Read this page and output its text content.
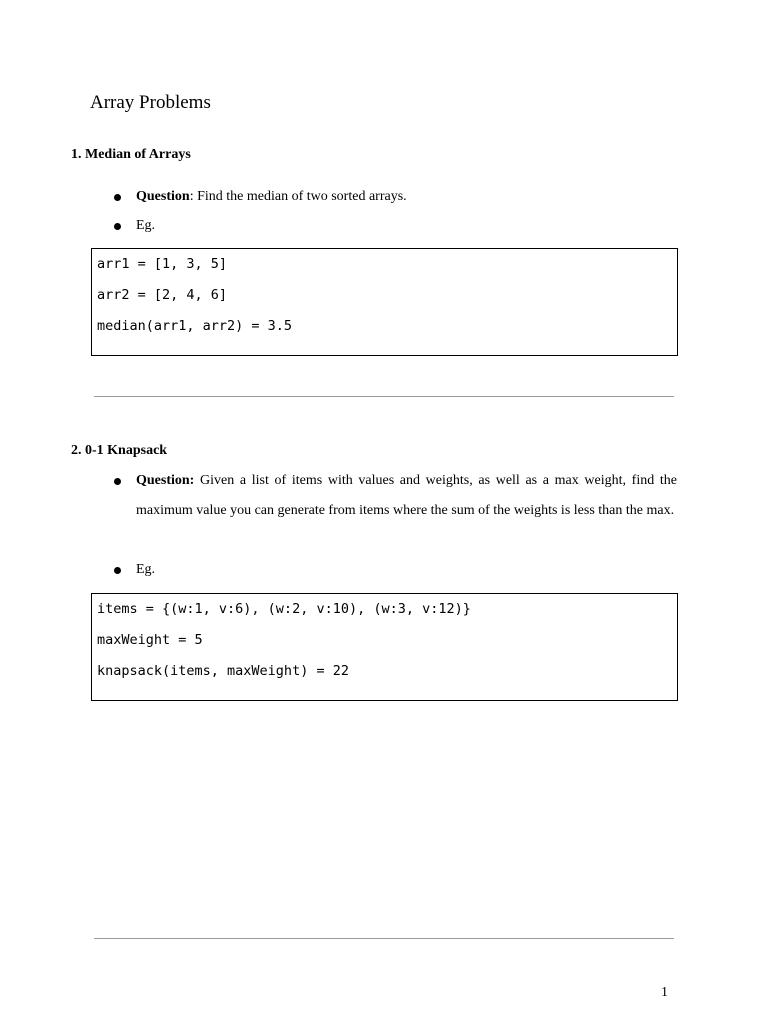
Array Problems
1. Median of Arrays
Question: Find the median of two sorted arrays.
Eg.
arr1 = [1, 3, 5]
arr2 = [2, 4, 6]
median(arr1, arr2) = 3.5
2. 0-1 Knapsack
Question: Given a list of items with values and weights, as well as a max weight, find the maximum value you can generate from items where the sum of the weights is less than the max.
Eg.
items = {(w:1, v:6), (w:2, v:10), (w:3, v:12)}
maxWeight = 5
knapsack(items, maxWeight) = 22
1
